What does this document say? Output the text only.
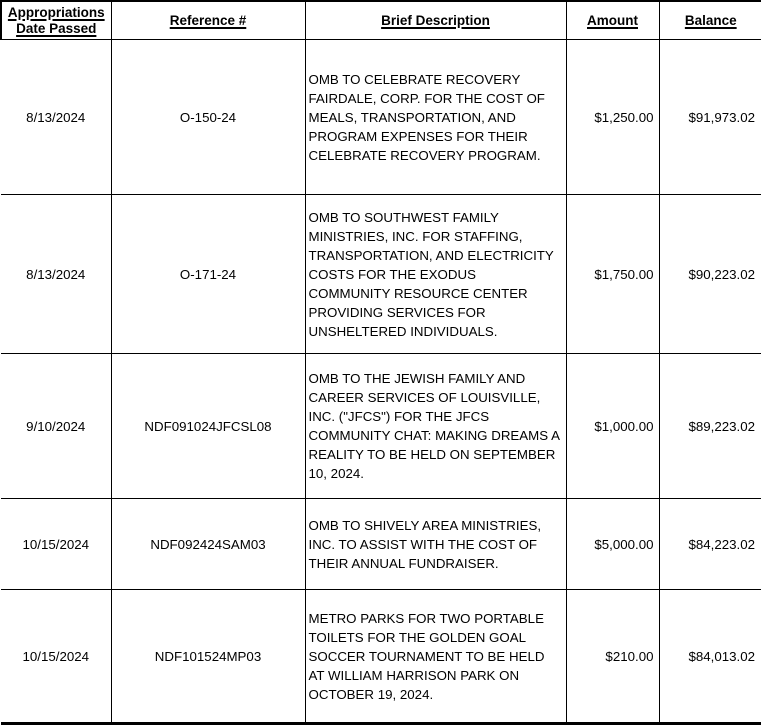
Appropriations
Date Passed	Reference #	Brief Description	Amount	Balance
8/13/2024	O-150-24	OMB TO CELEBRATE RECOVERY FAIRDALE, CORP. FOR THE COST OF MEALS, TRANSPORTATION, AND PROGRAM EXPENSES FOR THEIR CELEBRATE RECOVERY PROGRAM.	$1,250.00	$91,973.02
8/13/2024	O-171-24	OMB TO SOUTHWEST FAMILY MINISTRIES, INC. FOR STAFFING, TRANSPORTATION, AND ELECTRICITY COSTS FOR THE EXODUS COMMUNITY RESOURCE CENTER PROVIDING SERVICES FOR UNSHELTERED INDIVIDUALS.	$1,750.00	$90,223.02
9/10/2024	NDF091024JFCSL08	OMB TO THE JEWISH FAMILY AND CAREER SERVICES OF LOUISVILLE, INC. ("JFCS") FOR THE JFCS COMMUNITY CHAT: MAKING DREAMS A REALITY TO BE HELD ON SEPTEMBER 10, 2024.	$1,000.00	$89,223.02
10/15/2024	NDF092424SAM03	OMB TO SHIVELY AREA MINISTRIES, INC. TO ASSIST WITH THE COST OF THEIR ANNUAL FUNDRAISER.	$5,000.00	$84,223.02
10/15/2024	NDF101524MP03	METRO PARKS FOR TWO PORTABLE TOILETS FOR THE GOLDEN GOAL SOCCER TOURNAMENT TO BE HELD AT WILLIAM HARRISON PARK ON OCTOBER 19, 2024.	$210.00	$84,013.02
